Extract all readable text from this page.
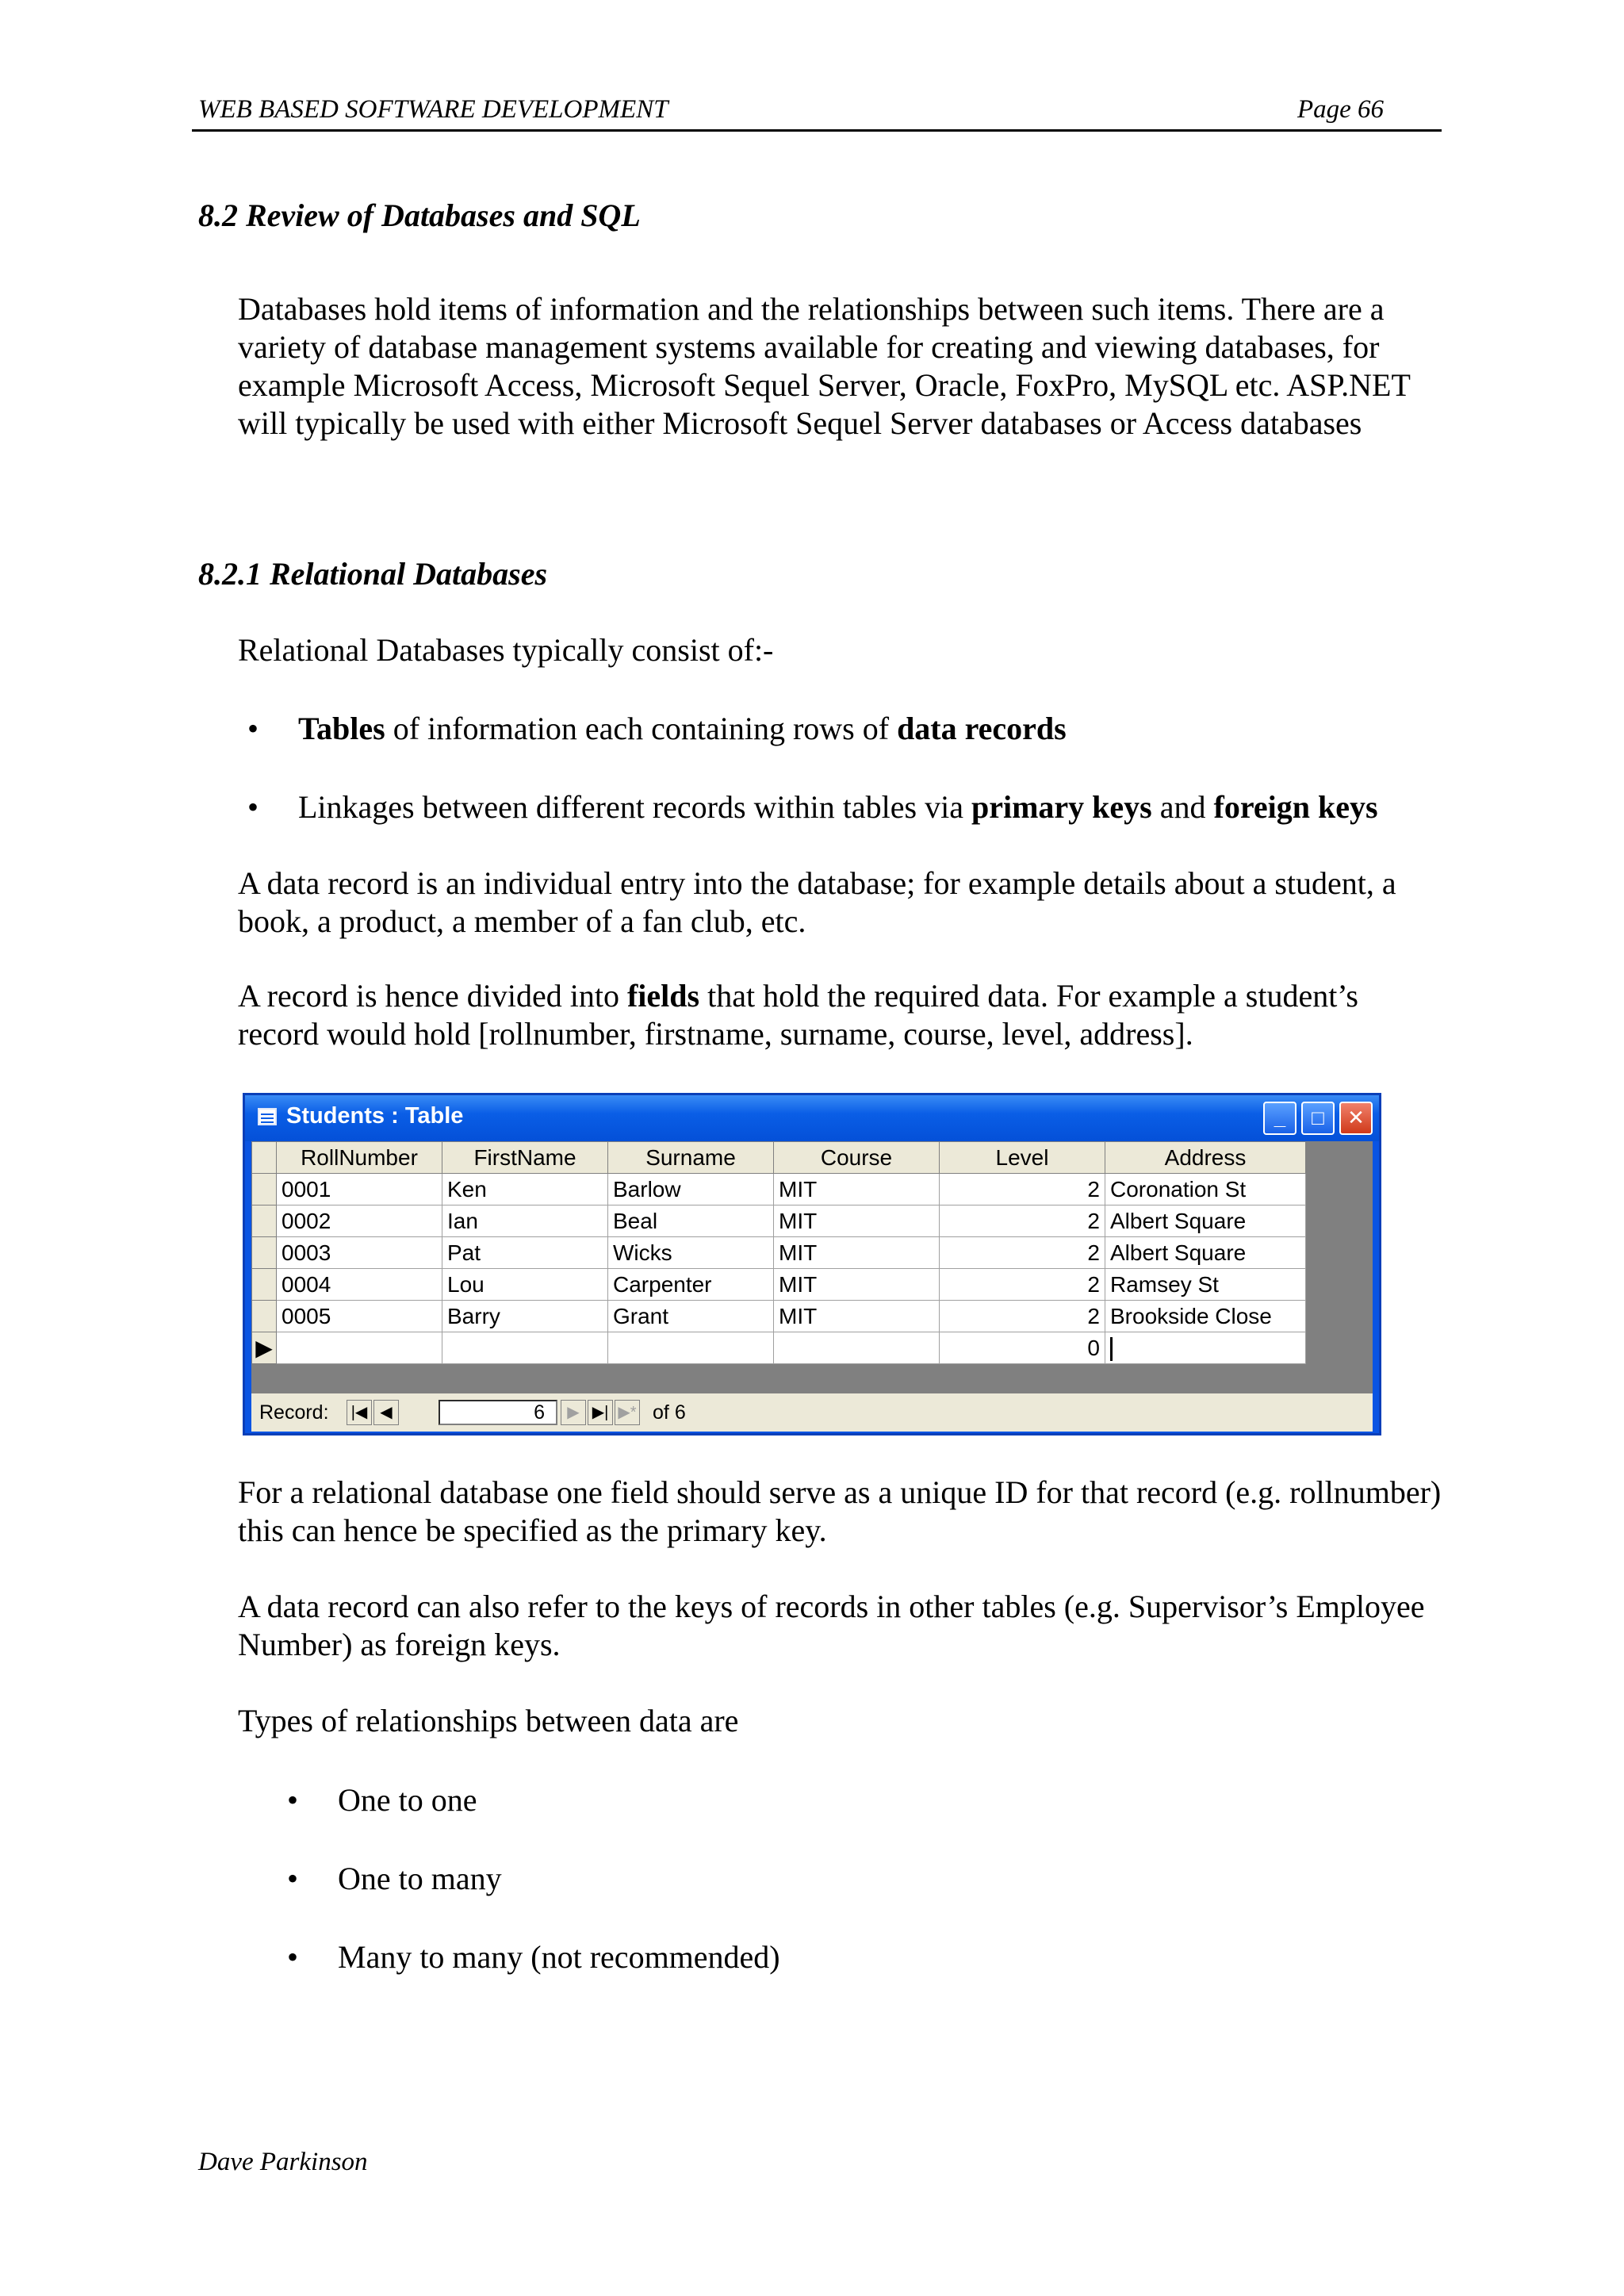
WEB BASED SOFTWARE DEVELOPMENT	Page 66
8.2 Review of Databases and SQL

Databases hold items of information and the relationships between such items. There are a variety of database management systems available for creating and viewing databases, for example Microsoft Access, Microsoft Sequel Server, Oracle, FoxPro, MySQL etc. ASP.NET will typically be used with either Microsoft Sequel Server databases or Access databases

8.2.1 Relational Databases

Relational Databases typically consist of:-

• Tables of information each containing rows of data records
• Linkages between different records within tables via primary keys and foreign keys

A data record is an individual entry into the database; for example details about a student, a book, a product, a member of a fan club, etc.

A record is hence divided into fields that hold the required data. For example a student’s record would hold [rollnumber, firstname, surname, course, level, address].

Students : Table	_	□	✕
	RollNumber	FirstName	Surname	Course	Level	Address
	0001	Ken	Barlow	MIT	2	Coronation St
	0002	Ian	Beal	MIT	2	Albert Square
	0003	Pat	Wicks	MIT	2	Albert Square
	0004	Lou	Carpenter	MIT	2	Ramsey St
	0005	Barry	Grant	MIT	2	Brookside Close
▶					0	
Record: |◀ ◀	6	▶ ▶| ▶* of 6

For a relational database one field should serve as a unique ID for that record (e.g. rollnumber) this can hence be specified as the primary key.

A data record can also refer to the keys of records in other tables (e.g. Supervisor’s Employee Number) as foreign keys.

Types of relationships between data are

• One to one
• One to many
• Many to many (not recommended)
Dave Parkinson
